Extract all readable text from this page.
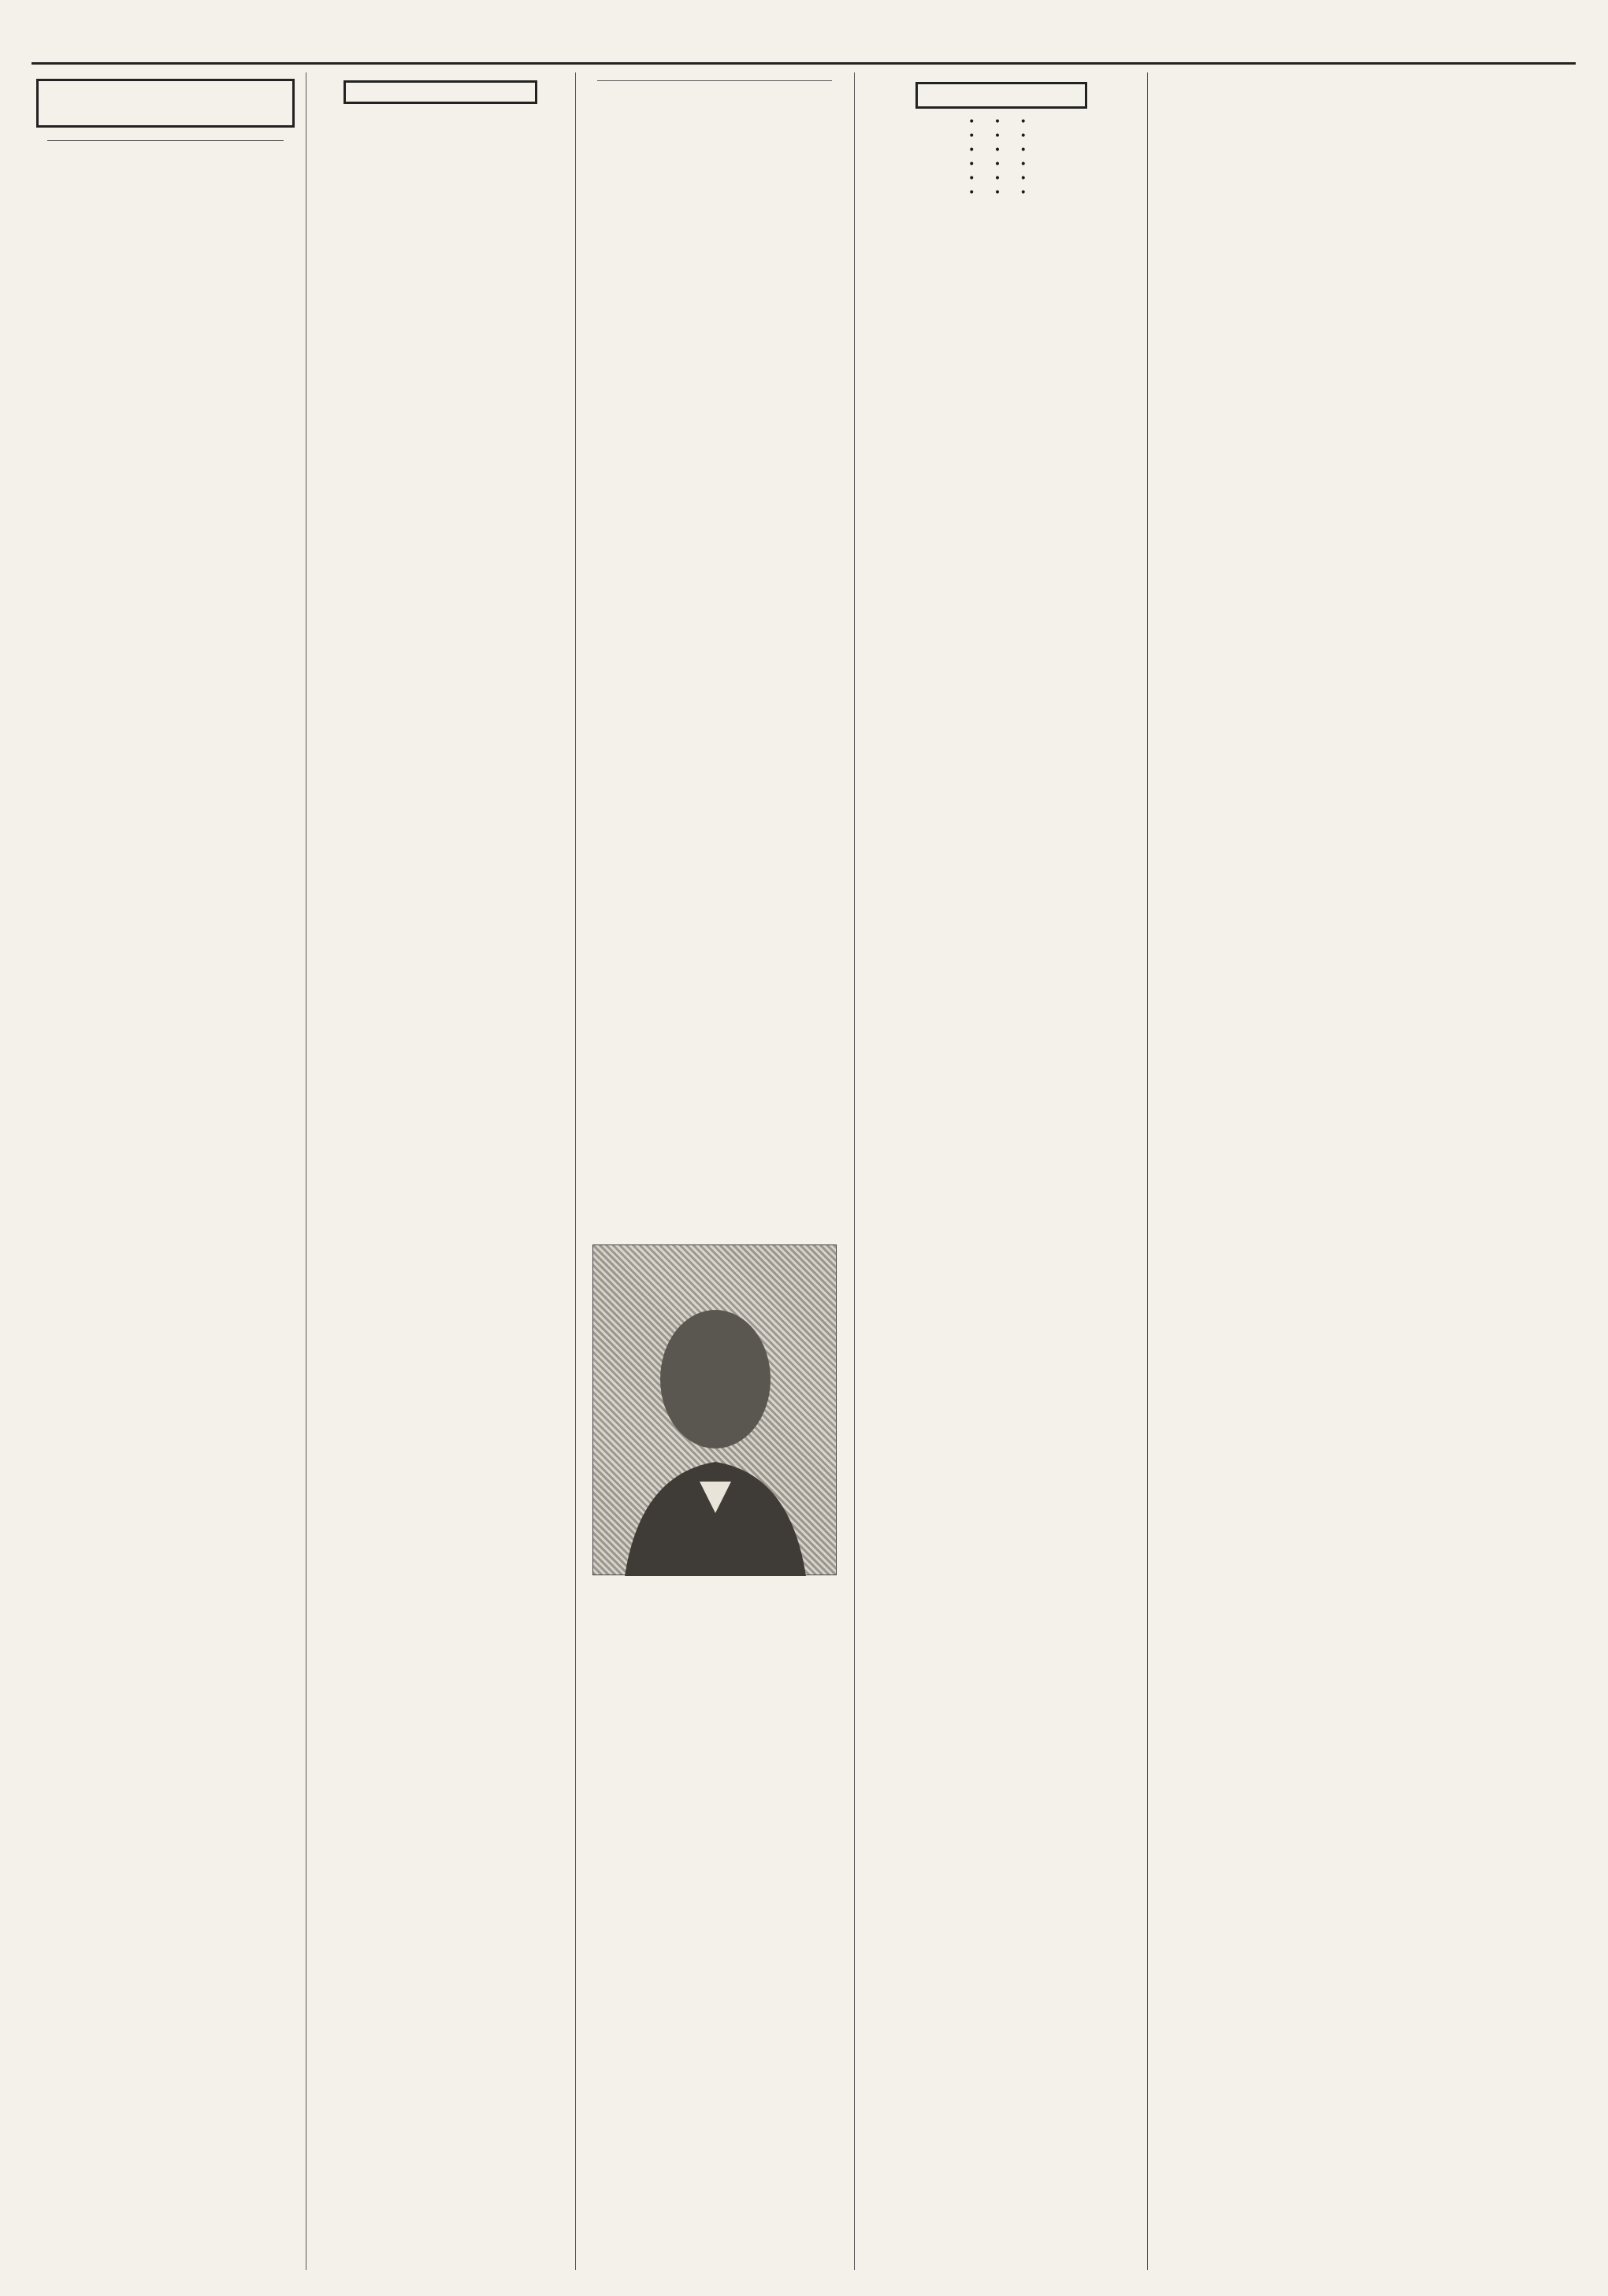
• • •

• • •

• • •

• • •

• • •

• • •
